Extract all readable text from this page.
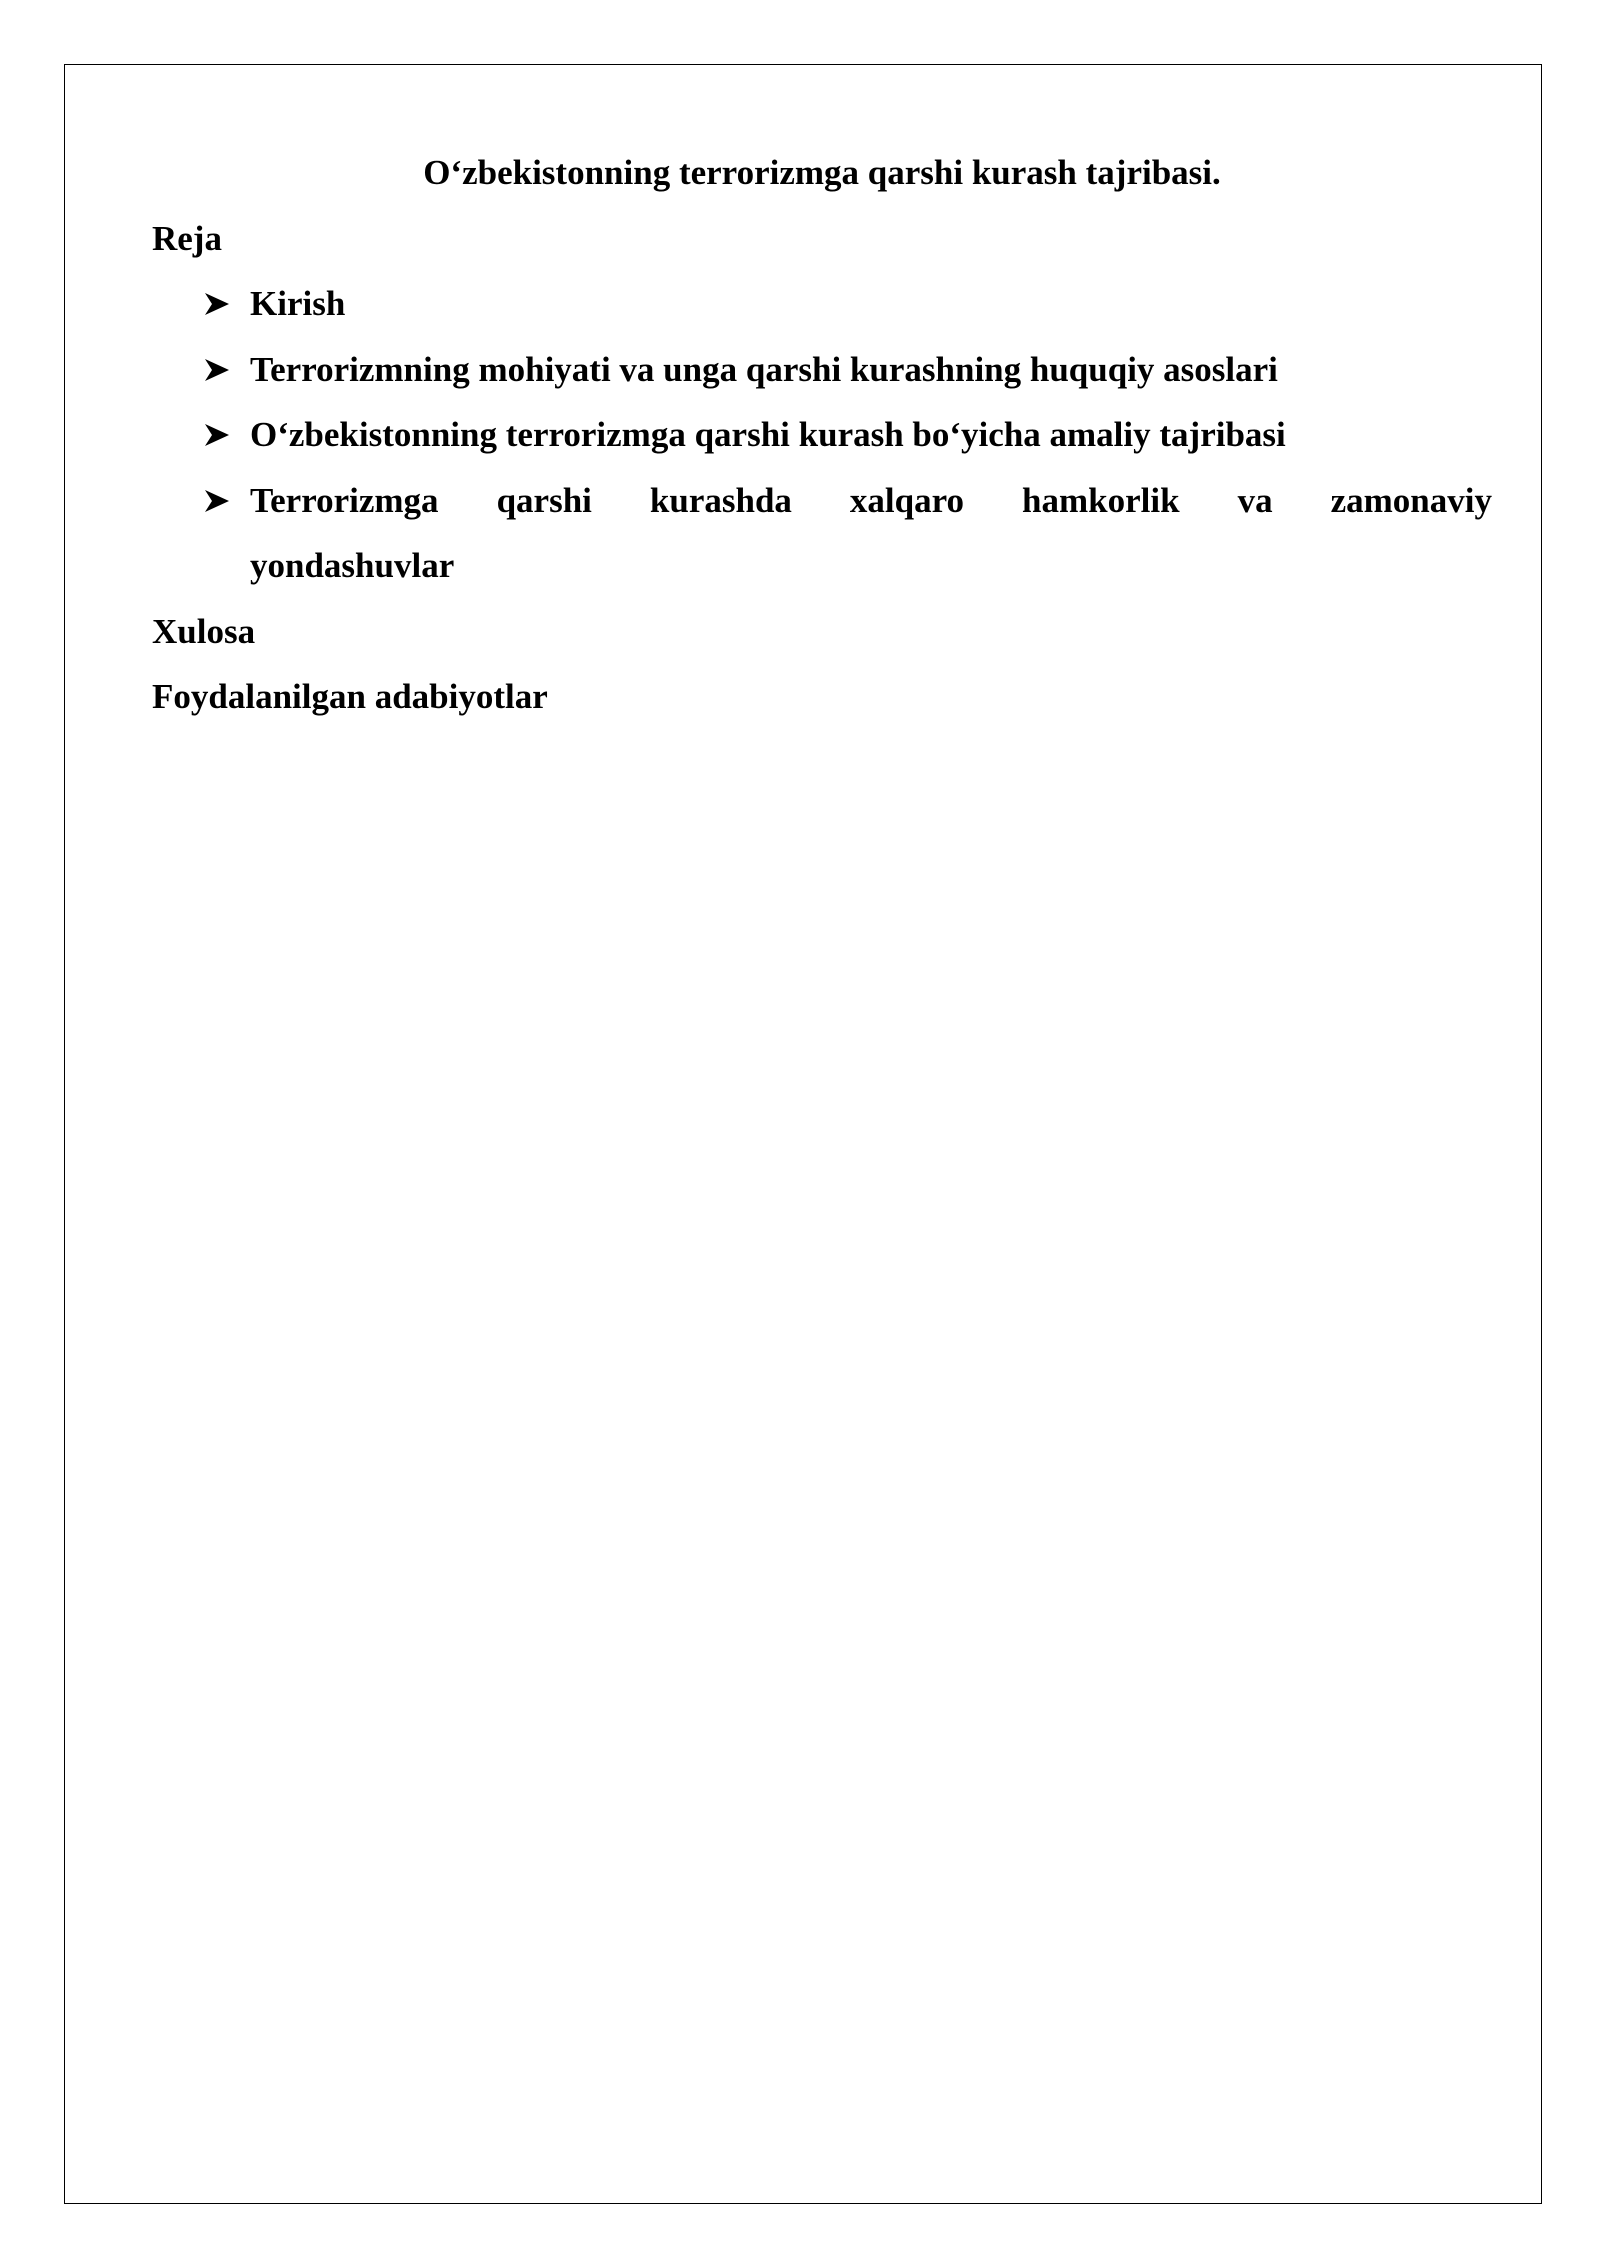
O‘zbekistonning terrorizmga qarshi kurash tajribasi.

Reja

Kirish
Terrorizmning mohiyati va unga qarshi kurashning huquqiy asoslari
O‘zbekistonning terrorizmga qarshi kurash bo‘yicha amaliy tajribasi
Terrorizmga qarshi kurashda xalqaro hamkorlik va zamonaviy
yondashuvlar

Xulosa

Foydalanilgan adabiyotlar
